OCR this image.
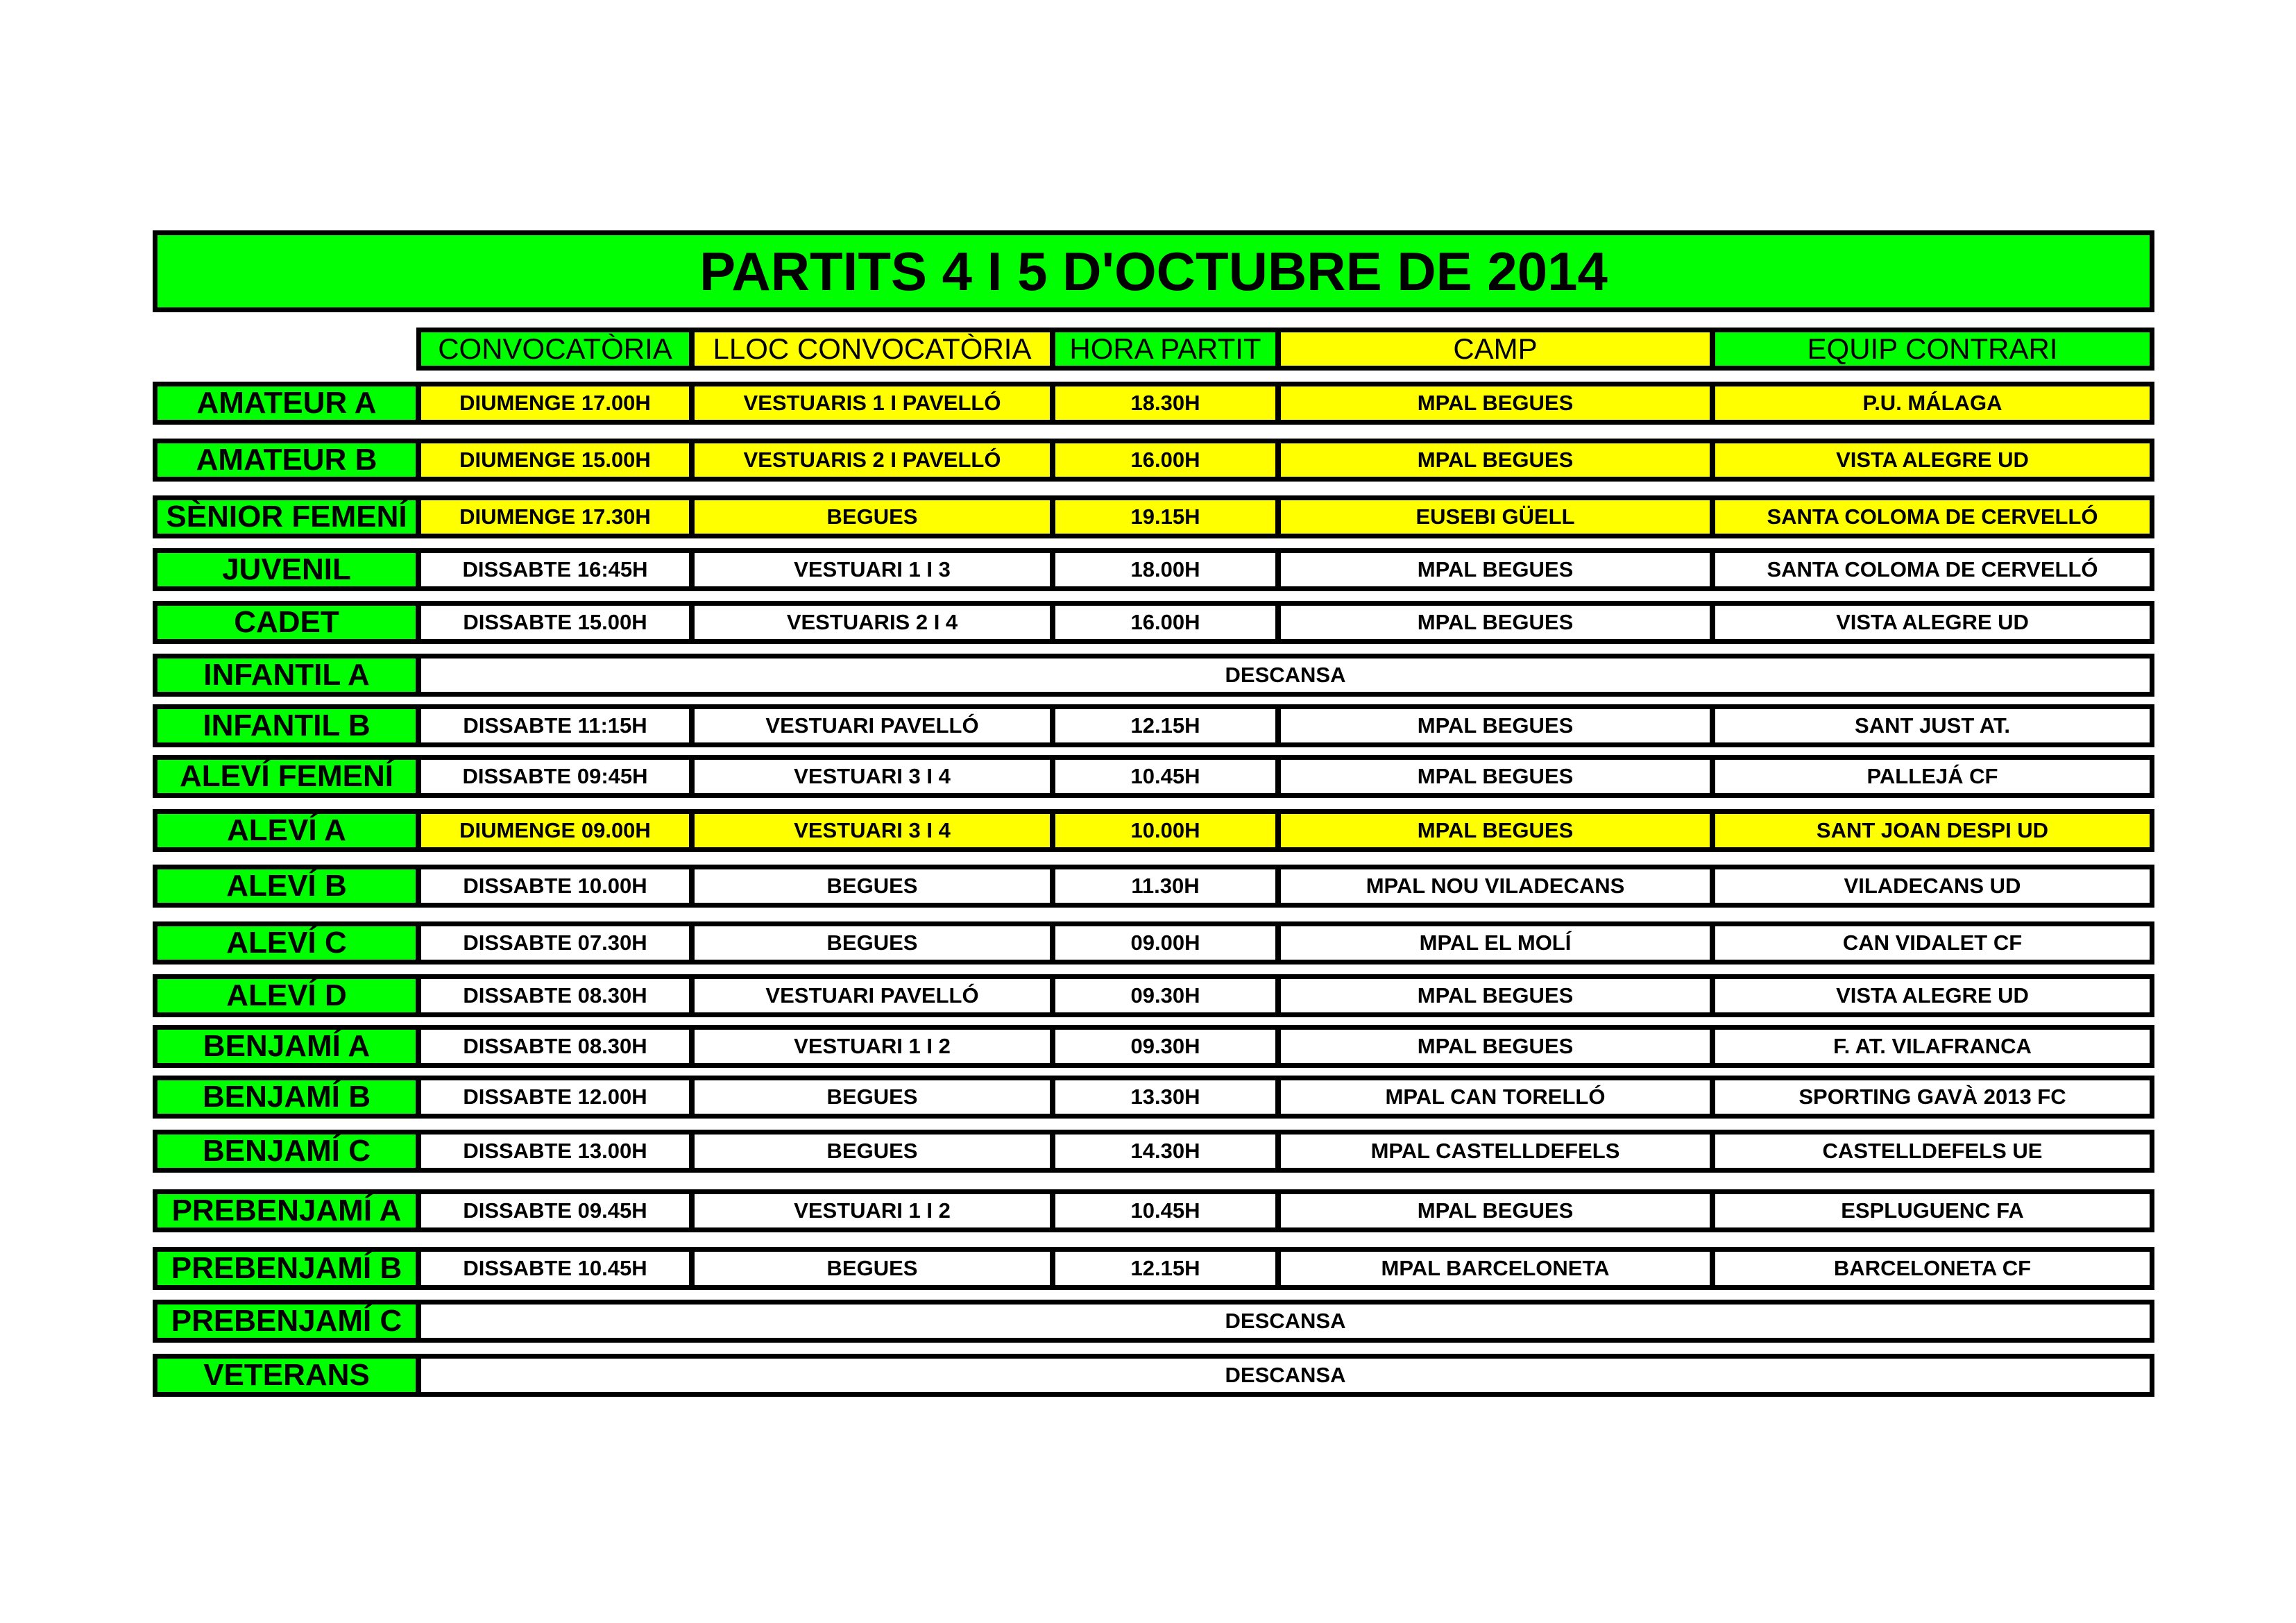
PARTITS 4 I 5 D'OCTUBRE DE 2014
CONVOCATÒRIA	LLOC CONVOCATÒRIA	HORA PARTIT	CAMP	EQUIP CONTRARI
AMATEUR A	DIUMENGE 17.00H	VESTUARIS 1 I PAVELLÓ	18.30H	MPAL BEGUES	P.U. MÁLAGA
AMATEUR B	DIUMENGE 15.00H	VESTUARIS 2 I PAVELLÓ	16.00H	MPAL BEGUES	VISTA ALEGRE UD
SÈNIOR FEMENÍ	DIUMENGE 17.30H	BEGUES	19.15H	EUSEBI GÜELL	SANTA COLOMA DE CERVELLÓ
JUVENIL	DISSABTE 16:45H	VESTUARI 1 I 3	18.00H	MPAL BEGUES	SANTA COLOMA DE CERVELLÓ
CADET	DISSABTE 15.00H	VESTUARIS 2 I 4	16.00H	MPAL BEGUES	VISTA ALEGRE UD
INFANTIL A	DESCANSA
INFANTIL B	DISSABTE 11:15H	VESTUARI PAVELLÓ	12.15H	MPAL BEGUES	SANT JUST AT.
ALEVÍ FEMENÍ	DISSABTE 09:45H	VESTUARI 3 I 4	10.45H	MPAL BEGUES	PALLEJÁ CF
ALEVÍ A	DIUMENGE 09.00H	VESTUARI 3 I 4	10.00H	MPAL BEGUES	SANT JOAN DESPI UD
ALEVÍ B	DISSABTE 10.00H	BEGUES	11.30H	MPAL NOU VILADECANS	VILADECANS UD
ALEVÍ C	DISSABTE 07.30H	BEGUES	09.00H	MPAL EL MOLÍ	CAN VIDALET CF
ALEVÍ D	DISSABTE 08.30H	VESTUARI PAVELLÓ	09.30H	MPAL BEGUES	VISTA ALEGRE UD
BENJAMÍ A	DISSABTE 08.30H	VESTUARI 1 I 2	09.30H	MPAL BEGUES	F. AT. VILAFRANCA
BENJAMÍ B	DISSABTE 12.00H	BEGUES	13.30H	MPAL CAN TORELLÓ	SPORTING GAVÀ 2013 FC
BENJAMÍ C	DISSABTE 13.00H	BEGUES	14.30H	MPAL CASTELLDEFELS	CASTELLDEFELS UE
PREBENJAMÍ A	DISSABTE 09.45H	VESTUARI 1 I 2	10.45H	MPAL BEGUES	ESPLUGUENC FA
PREBENJAMÍ B	DISSABTE 10.45H	BEGUES	12.15H	MPAL BARCELONETA	BARCELONETA CF
PREBENJAMÍ C	DESCANSA
VETERANS	DESCANSA
